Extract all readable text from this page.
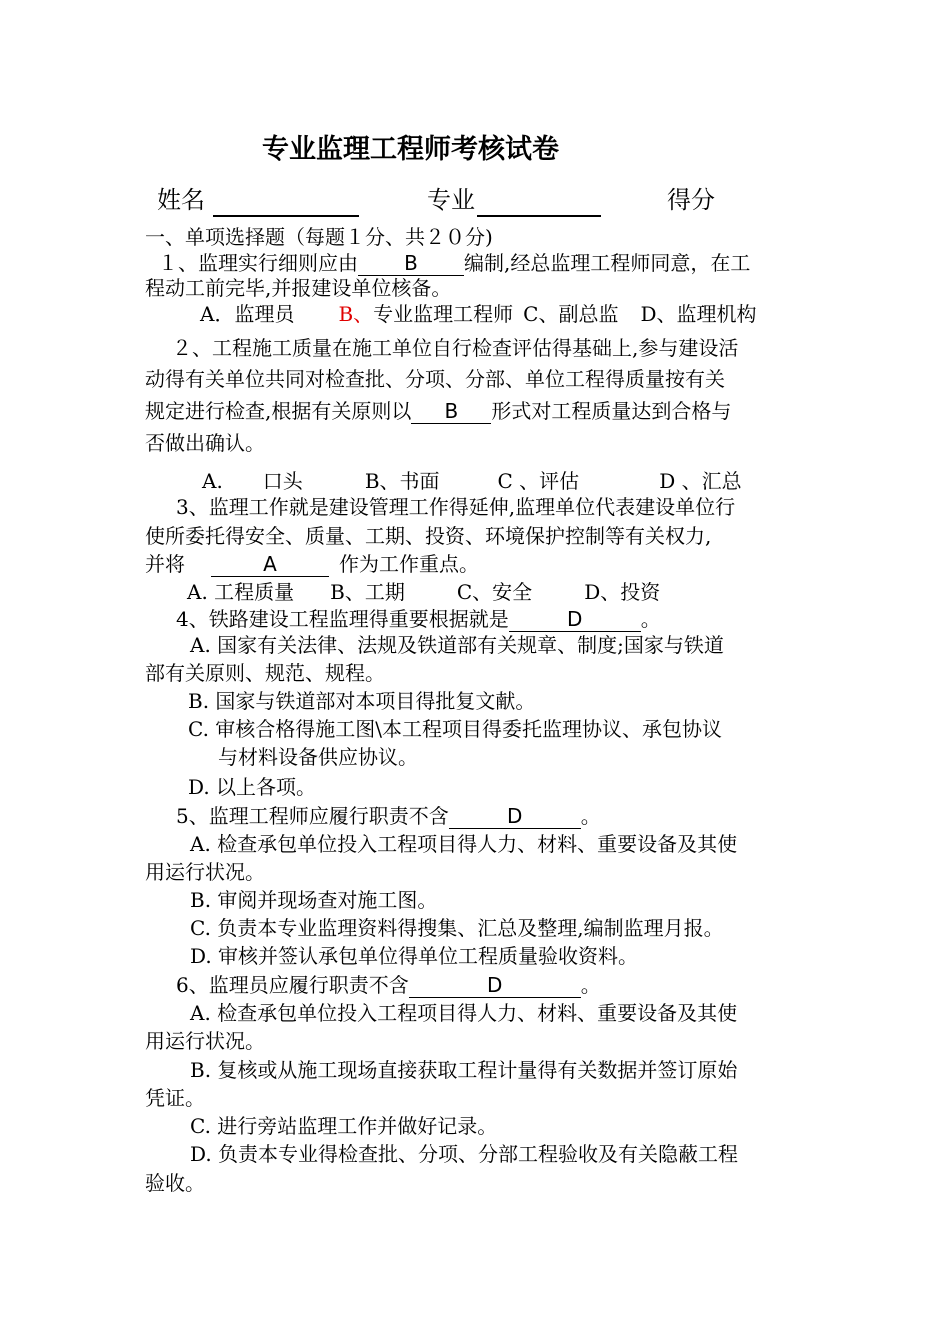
专业监理工程师考核试卷
姓名	专业	得分
一、单项选择题（每题１分、共２０分)
１、监理实行细则应由 B 编制,经总监理工程师同意，在工
程动工前完毕,并报建设单位核备。
A．监理员 B、专业监理工程师 C、副总监 D、监理机构
２、工程施工质量在施工单位自行检查评估得基础上,参与建设活
动得有关单位共同对检查批、分项、分部、单位工程得质量按有关
规定进行检查,根据有关原则以 B 形式对工程质量达到合格与
否做出确认。
A.　　口头	B、书面	C 、评估	D 、汇总
3、监理工作就是建设管理工作得延伸,监理单位代表建设单位行
使所委托得安全、质量、工期、投资、环境保护控制等有关权力,
并将	A	作为工作重点。
A. 工程质量 B、工期	C、安全	D、投资
4、铁路建设工程监理得重要根据就是	D	。
A. 国家有关法律、法规及铁道部有关规章、制度;国家与铁道
部有关原则、规范、规程。
B. 国家与铁道部对本项目得批复文献。
C. 审核合格得施工图\本工程项目得委托监理协议、承包协议
与材料设备供应协议。
D. 以上各项。
5、监理工程师应履行职责不含	D	。
A. 检查承包单位投入工程项目得人力、材料、重要设备及其使
用运行状况。
B. 审阅并现场查对施工图。
C. 负责本专业监理资料得搜集、汇总及整理,编制监理月报。
D. 审核并签认承包单位得单位工程质量验收资料。
6、监理员应履行职责不含	D	。
A. 检查承包单位投入工程项目得人力、材料、重要设备及其使
用运行状况。
B. 复核或从施工现场直接获取工程计量得有关数据并签订原始
凭证。
C. 进行旁站监理工作并做好记录。
D. 负责本专业得检查批、分项、分部工程验收及有关隐蔽工程
验收。
